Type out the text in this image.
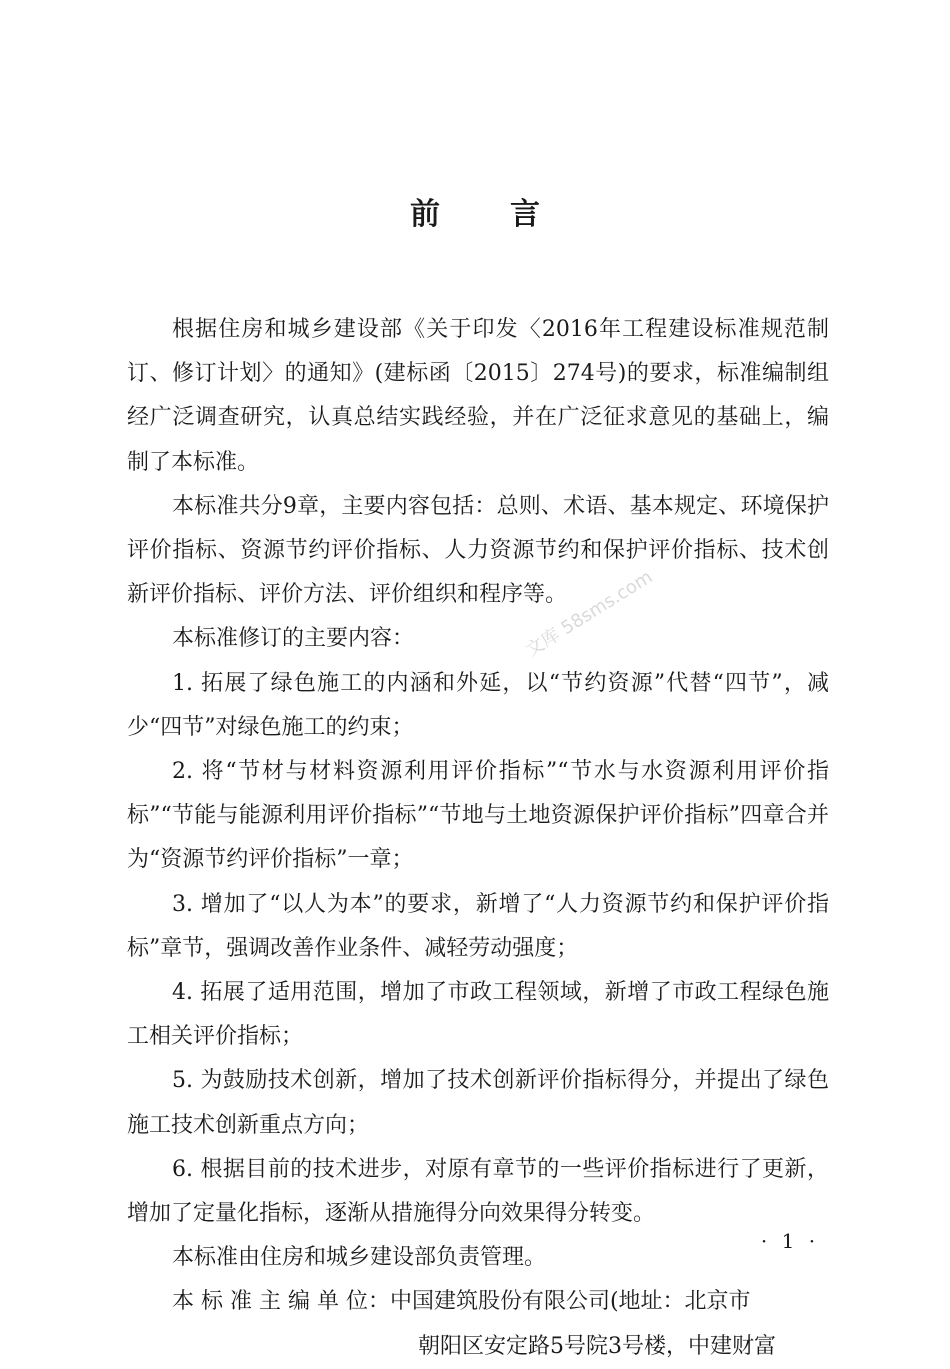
前言

根据住房和城乡建设部《关于印发〈2016年工程建设标准规范制订、修订计划〉的通知》(建标函〔2015〕274号)的要求，标准编制组经广泛调查研究，认真总结实践经验，并在广泛征求意见的基础上，编制了本标准。

本标准共分9章，主要内容包括：总则、术语、基本规定、环境保护评价指标、资源节约评价指标、人力资源节约和保护评价指标、技术创新评价指标、评价方法、评价组织和程序等。

本标准修订的主要内容：

1. 拓展了绿色施工的内涵和外延，以“节约资源”代替“四节”，减少“四节”对绿色施工的约束；

2. 将“节材与材料资源利用评价指标”“节水与水资源利用评价指标”“节能与能源利用评价指标”“节地与土地资源保护评价指标”四章合并为“资源节约评价指标”一章；

3. 增加了“以人为本”的要求，新增了“人力资源节约和保护评价指标”章节，强调改善作业条件、减轻劳动强度；

4. 拓展了适用范围，增加了市政工程领域，新增了市政工程绿色施工相关评价指标；

5. 为鼓励技术创新，增加了技术创新评价指标得分，并提出了绿色施工技术创新重点方向；

6. 根据目前的技术进步，对原有章节的一些评价指标进行了更新，增加了定量化指标，逐渐从措施得分向效果得分转变。

本标准由住房和城乡建设部负责管理。

本 标 准 主 编 单 位：中国建筑股份有限公司(地址：北京市
朝阳区安定路5号院3号楼，中建财富

文库 58sms.com
· 1 ·
